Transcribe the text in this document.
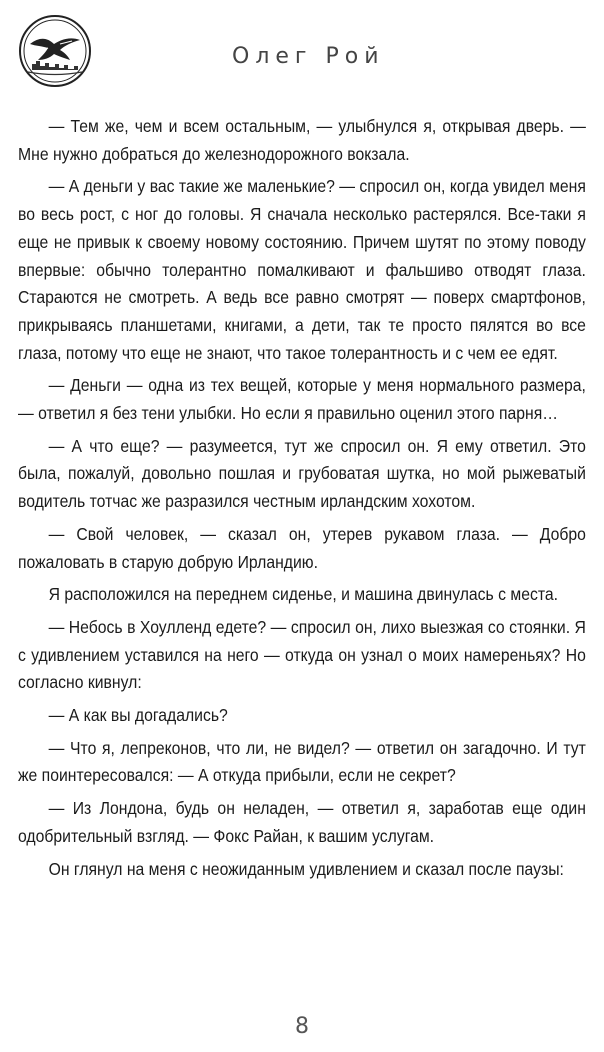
Олег Рой

— Тем же, чем и всем остальным, — улыбнулся я, открывая дверь. — Мне нужно добраться до железнодорожного вокзала.

— А деньги у вас такие же маленькие? — спросил он, когда увидел меня во весь рост, с ног до головы. Я сначала несколько растерялся. Все-таки я еще не привык к своему новому состоянию. Причем шутят по этому поводу впервые: обычно толерантно помалкивают и фальшиво отводят глаза. Стараются не смотреть. А ведь все равно смотрят — поверх смартфонов, прикрываясь планшетами, книгами, а дети, так те просто пялятся во все глаза, потому что еще не знают, что такое толерантность и с чем ее едят.

— Деньги — одна из тех вещей, которые у меня нормального размера, — ответил я без тени улыбки. Но если я правильно оценил этого парня…

— А что еще? — разумеется, тут же спросил он. Я ему ответил. Это была, пожалуй, довольно пошлая и грубоватая шутка, но мой рыжеватый водитель тотчас же разразился честным ирландским хохотом.

— Свой человек, — сказал он, утерев рукавом глаза. — Добро пожаловать в старую добрую Ирландию.

Я расположился на переднем сиденье, и машина двинулась с места.

— Небось в Хоулленд едете? — спросил он, лихо выезжая со стоянки. Я с удивлением уставился на него — откуда он узнал о моих намереньях? Но согласно кивнул:

— А как вы догадались?

— Что я, лепреконов, что ли, не видел? — ответил он загадочно. И тут же поинтересовался: — А откуда прибыли, если не секрет?

— Из Лондона, будь он неладен, — ответил я, заработав еще один одобрительный взгляд. — Фокс Райан, к вашим услугам.

Он глянул на меня с неожиданным удивлением и сказал после паузы:

8
